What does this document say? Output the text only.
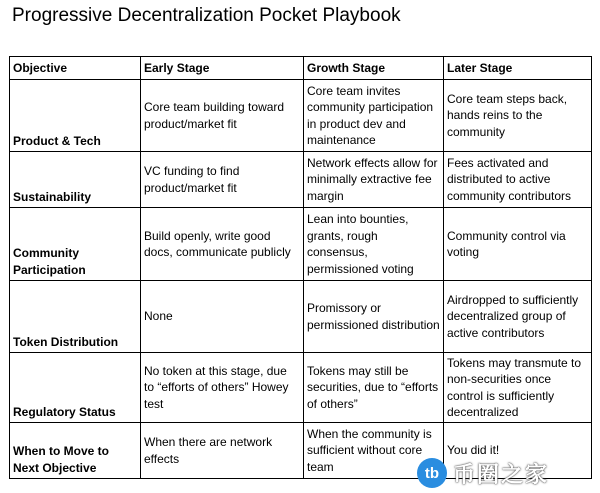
Progressive Decentralization Pocket Playbook
Objective	Early Stage	Growth Stage	Later Stage
Product & Tech	Core team building toward product/market fit	Core team invites community participation in product dev and maintenance	Core team steps back, hands reins to the community
Sustainability	VC funding to find product/market fit	Network effects allow for minimally extractive fee margin	Fees activated and distributed to active community contributors
Community Participation	Build openly, write good docs, communicate publicly	Lean into bounties, grants, rough consensus, permissioned voting	Community control via voting
Token Distribution	None	Promissory or permissioned distribution	Airdropped to sufficiently decentralized group of active contributors
Regulatory Status	No token at this stage, due to “efforts of others” Howey test	Tokens may still be securities, due to “efforts of others”	Tokens may transmute to non-securities once control is sufficiently decentralized
When to Move to Next Objective	When there are network effects	When the community is sufficient without core team	You did it!
tb 币圈之家
